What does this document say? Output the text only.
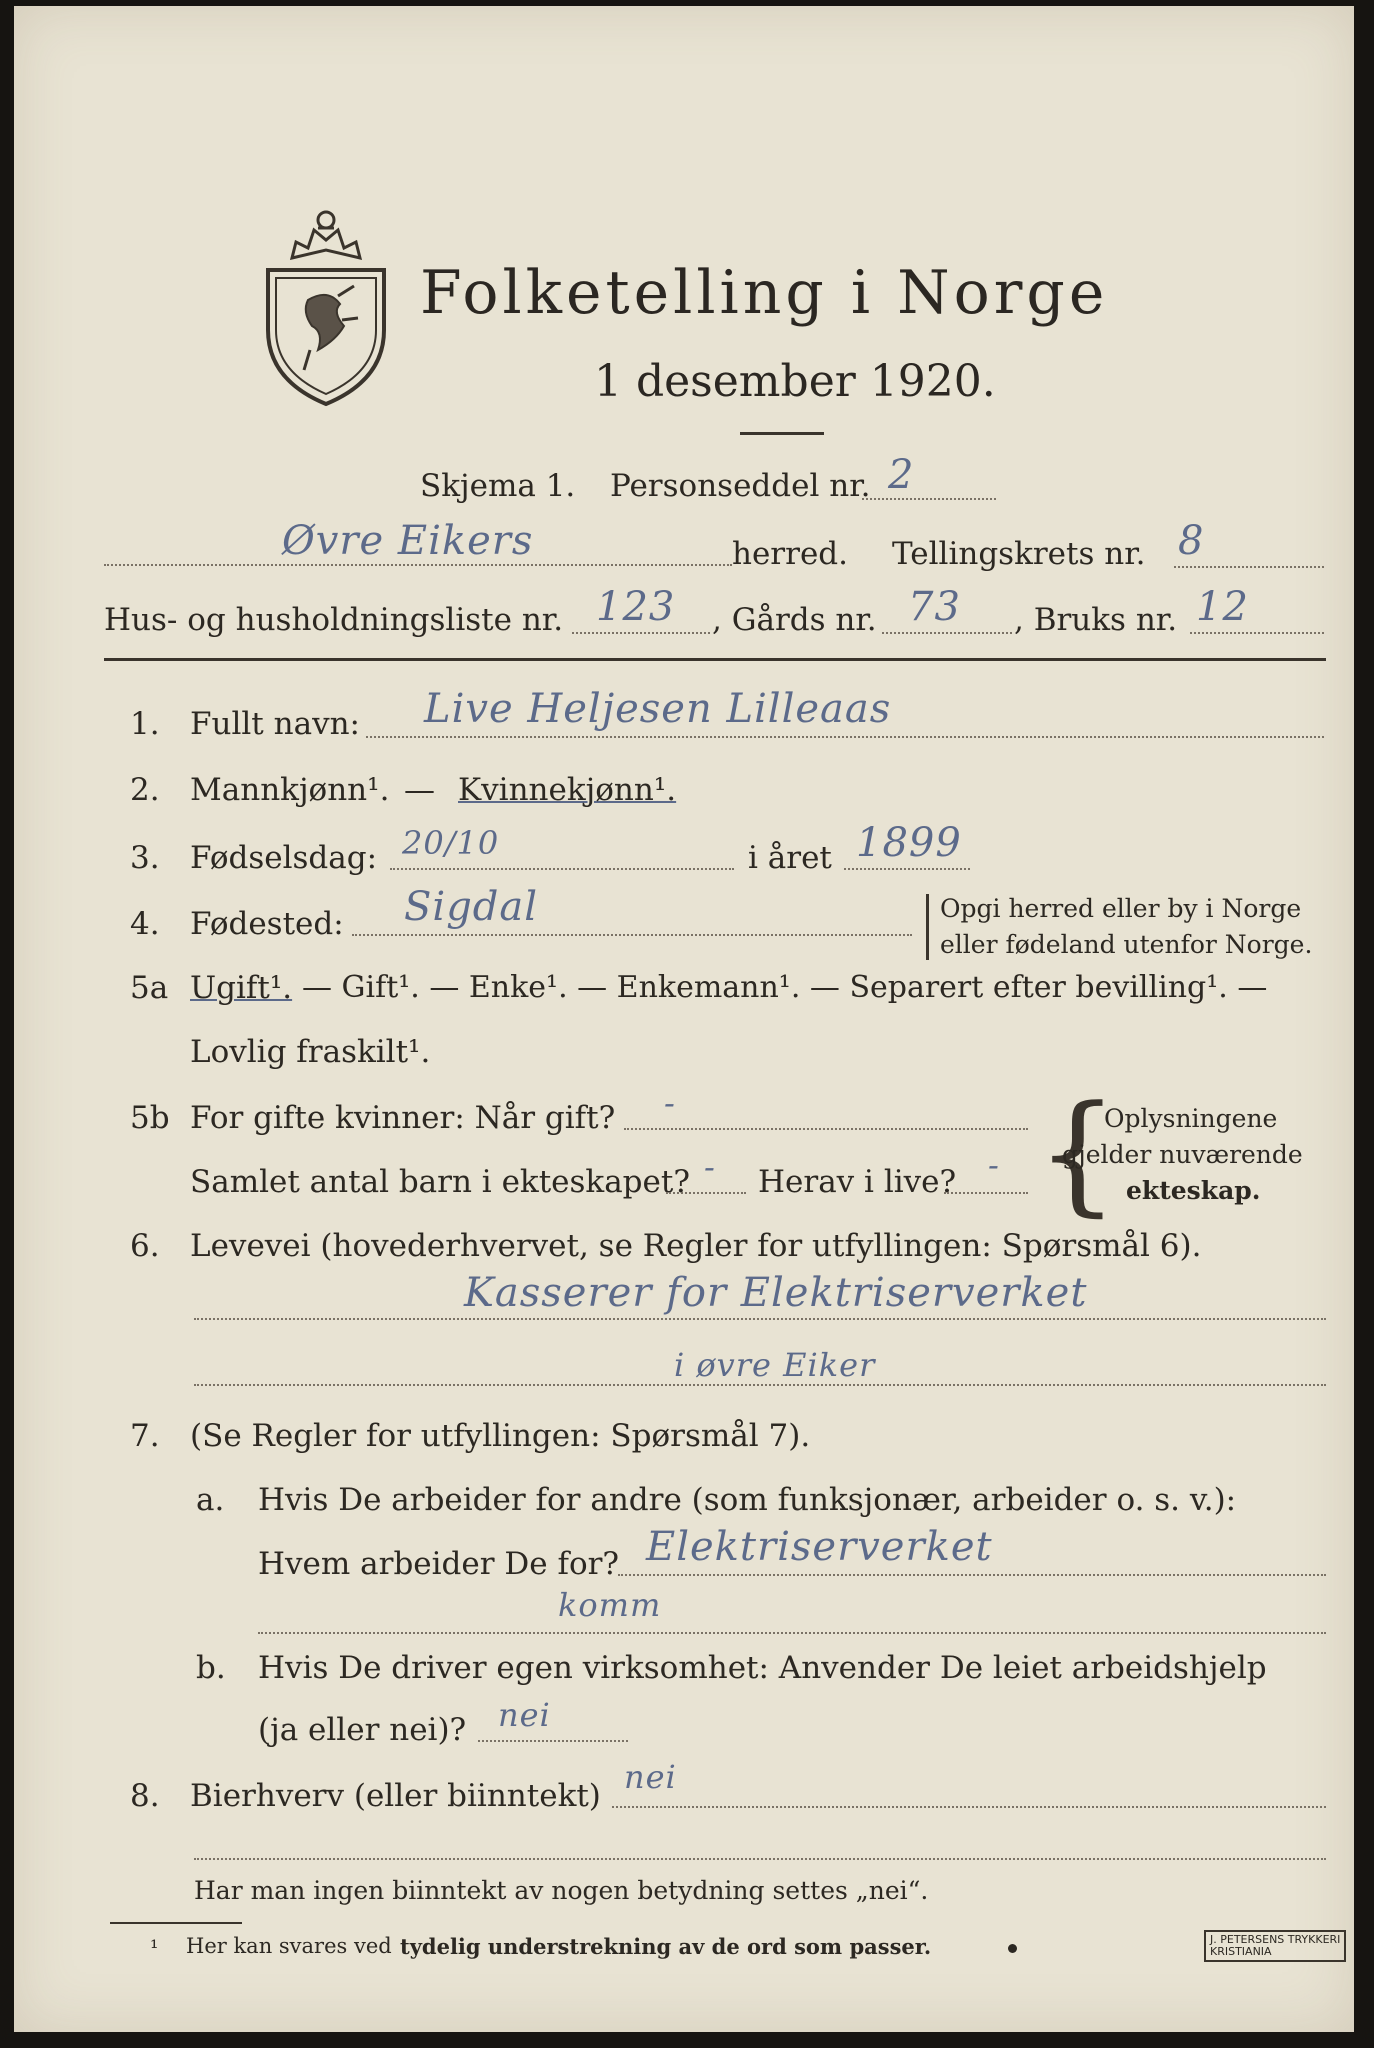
Folketelling i Norge
1 desember 1920.
Skjema 1. Personseddel nr. 2
Øvre Eikers	herred. Tellingskrets nr. 8
Hus- og husholdningsliste nr. 123 , Gårds nr. 73 , Bruks nr. 12
1. Fullt navn: Live Heljesen Lilleaas
2. Mannkjønn¹. — Kvinnekjønn¹.
3. Fødselsdag: 20/10	i året 1899
4. Fødested: Sigdal	Opgi herred eller by i Norge
eller fødeland utenfor Norge.
5a Ugift¹. — Gift¹. — Enke¹. — Enkemann¹. — Separert efter bevilling¹. —
Lovlig fraskilt¹.
5b For gifte kvinner: Når gift? -
Samlet antal barn i ekteskapet? - Herav i live? - {
Oplysningene
gjelder nuværende
ekteskap.
6. Levevei (hovederhvervet, se Regler for utfyllingen: Spørsmål 6).
Kasserer for Elektriserverket
i øvre Eiker
7. (Se Regler for utfyllingen: Spørsmål 7).
a. Hvis De arbeider for andre (som funksjonær, arbeider o. s. v.):
Hvem arbeider De for? Elektriserverket
komm
b. Hvis De driver egen virksomhet: Anvender De leiet arbeidshjelp
(ja eller nei)? nei
8. Bierhverv (eller biinntekt) nei
Har man ingen biinntekt av nogen betydning settes „nei“.
¹ Her kan svares ved tydelig understrekning av de ord som passer.	J. PETERSENS TRYKKERI
KRISTIANIA
